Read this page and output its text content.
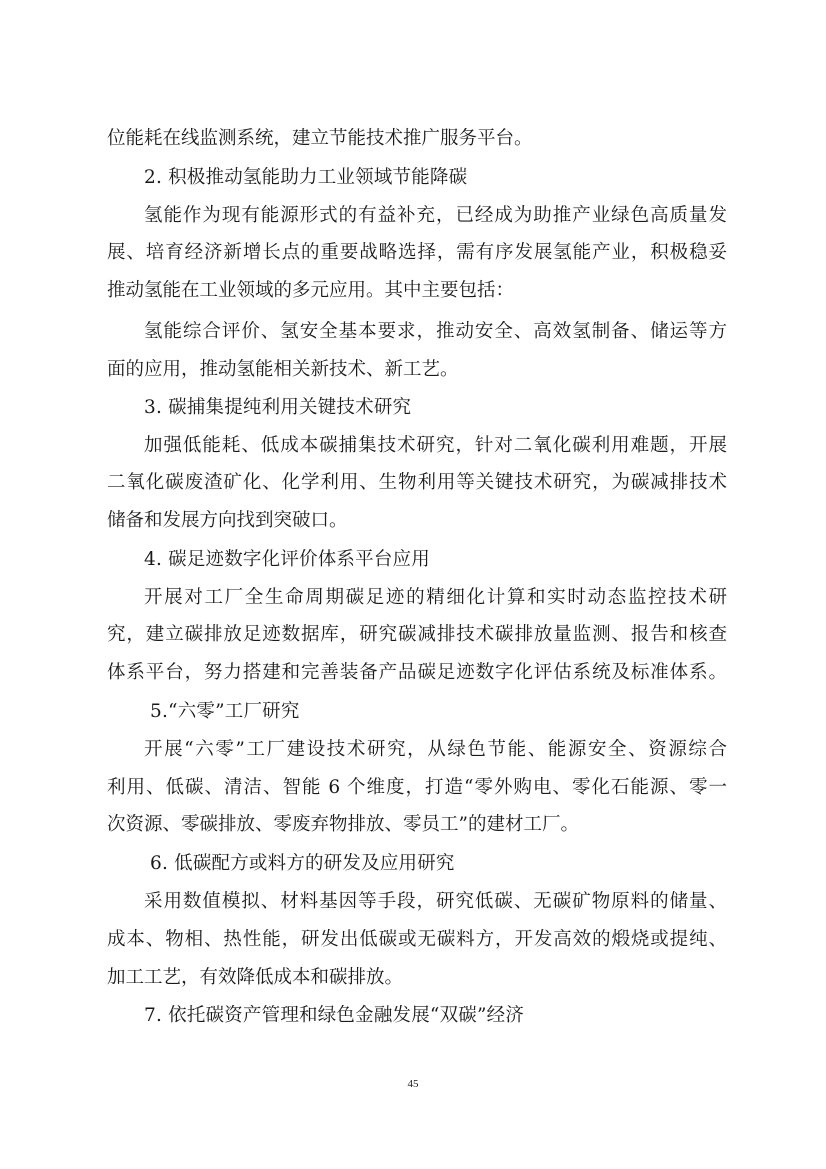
位能耗在线监测系统，建立节能技术推广服务平台。
2. 积极推动氢能助力工业领域节能降碳
氢能作为现有能源形式的有益补充，已经成为助推产业绿色高质量发
展、培育经济新增长点的重要战略选择，需有序发展氢能产业，积极稳妥
推动氢能在工业领域的多元应用。其中主要包括：
氢能综合评价、氢安全基本要求，推动安全、高效氢制备、储运等方
面的应用，推动氢能相关新技术、新工艺。
3. 碳捕集提纯利用关键技术研究
加强低能耗、低成本碳捕集技术研究，针对二氧化碳利用难题，开展
二氧化碳废渣矿化、化学利用、生物利用等关键技术研究，为碳减排技术
储备和发展方向找到突破口。
4. 碳足迹数字化评价体系平台应用
开展对工厂全生命周期碳足迹的精细化计算和实时动态监控技术研
究，建立碳排放足迹数据库，研究碳减排技术碳排放量监测、报告和核查
体系平台，努力搭建和完善装备产品碳足迹数字化评估系统及标准体系。
5.“六零”工厂研究
开展“六零”工厂建设技术研究，从绿色节能、能源安全、资源综合
利用、低碳、清洁、智能 6 个维度，打造“零外购电、零化石能源、零一
次资源、零碳排放、零废弃物排放、零员工”的建材工厂。
6. 低碳配方或料方的研发及应用研究
采用数值模拟、材料基因等手段，研究低碳、无碳矿物原料的储量、
成本、物相、热性能，研发出低碳或无碳料方，开发高效的煅烧或提纯、
加工工艺，有效降低成本和碳排放。
7. 依托碳资产管理和绿色金融发展“双碳”经济
45
